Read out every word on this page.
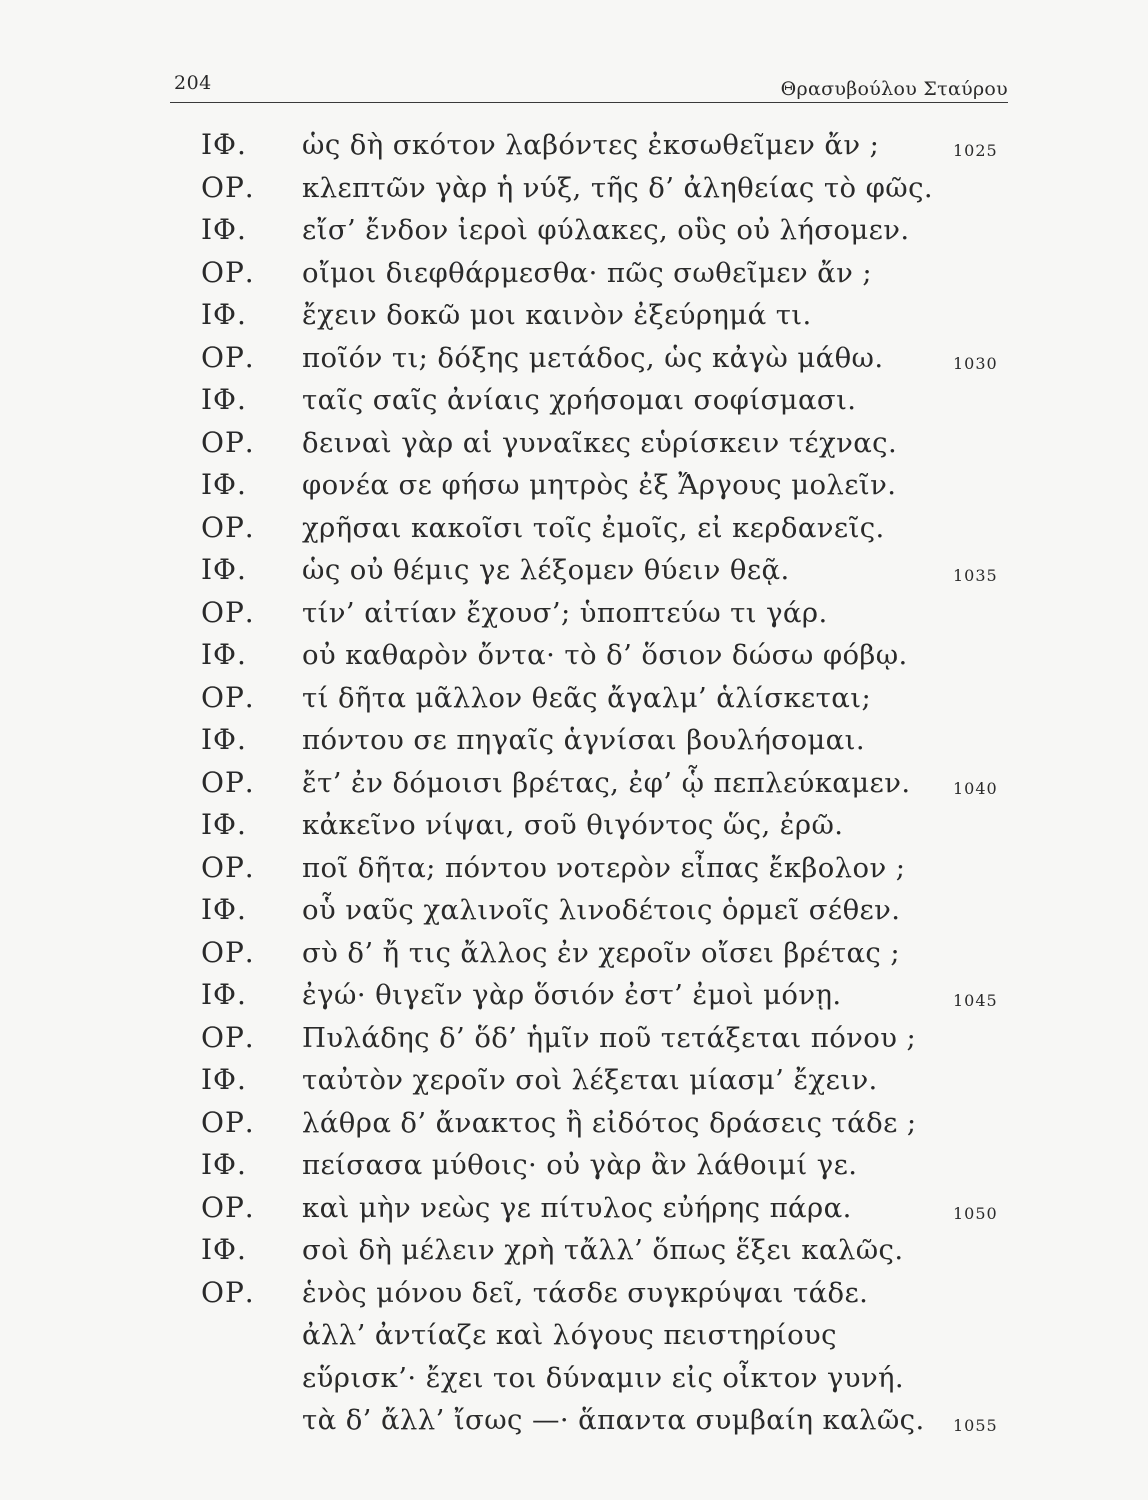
204	Θρασυβούλου Σταύρου
ΙΦ. ὡς δὴ σκότον λαβόντες ἐκσωθεῖμεν ἄν ;	1025
ΟΡ. κλεπτῶν γὰρ ἡ νύξ, τῆς δ’ ἀληθείας τὸ φῶς.
ΙΦ. εἴσ’ ἔνδον ἱεροὶ φύλακες, οὓς οὐ λήσομεν.
ΟΡ. οἴμοι διεφθάρμεσθα· πῶς σωθεῖμεν ἄν ;
ΙΦ. ἔχειν δοκῶ μοι καινὸν ἐξεύρημά τι.
ΟΡ. ποῖόν τι; δόξης μετάδος, ὡς κἀγὼ μάθω.	1030
ΙΦ. ταῖς σαῖς ἀνίαις χρήσομαι σοφίσμασι.
ΟΡ. δειναὶ γὰρ αἱ γυναῖκες εὑρίσκειν τέχνας.
ΙΦ. φονέα σε φήσω μητρὸς ἐξ Ἄργους μολεῖν.
ΟΡ. χρῆσαι κακοῖσι τοῖς ἐμοῖς, εἰ κερδανεῖς.
ΙΦ. ὡς οὐ θέμις γε λέξομεν θύειν θεᾷ.	1035
ΟΡ. τίν’ αἰτίαν ἔχουσ’; ὑποπτεύω τι γάρ.
ΙΦ. οὐ καθαρὸν ὄντα· τὸ δ’ ὅσιον δώσω φόβῳ.
ΟΡ. τί δῆτα μᾶλλον θεᾶς ἄγαλμ’ ἁλίσκεται;
ΙΦ. πόντου σε πηγαῖς ἁγνίσαι βουλήσομαι.
ΟΡ. ἔτ’ ἐν δόμοισι βρέτας, ἐφ’ ᾧ πεπλεύκαμεν.	1040
ΙΦ. κἀκεῖνο νίψαι, σοῦ θιγόντος ὥς, ἐρῶ.
ΟΡ. ποῖ δῆτα; πόντου νοτερὸν εἶπας ἔκβολον ;
ΙΦ. οὗ ναῦς χαλινοῖς λινοδέτοις ὁρμεῖ σέθεν.
ΟΡ. σὺ δ’ ἤ τις ἄλλος ἐν χεροῖν οἴσει βρέτας ;
ΙΦ. ἐγώ· θιγεῖν γὰρ ὅσιόν ἐστ’ ἐμοὶ μόνῃ.	1045
ΟΡ. Πυλάδης δ’ ὅδ’ ἡμῖν ποῦ τετάξεται πόνου ;
ΙΦ. ταὐτὸν χεροῖν σοὶ λέξεται μίασμ’ ἔχειν.
ΟΡ. λάθρα δ’ ἄνακτος ἢ εἰδότος δράσεις τάδε ;
ΙΦ. πείσασα μύθοις· οὐ γὰρ ἂν λάθοιμί γε.
ΟΡ. καὶ μὴν νεὼς γε πίτυλος εὐήρης πάρα.	1050
ΙΦ. σοὶ δὴ μέλειν χρὴ τἄλλ’ ὅπως ἕξει καλῶς.
ΟΡ. ἑνὸς μόνου δεῖ, τάσδε συγκρύψαι τάδε.
ἀλλ’ ἀντίαζε καὶ λόγους πειστηρίους
εὕρισκ’· ἔχει τοι δύναμιν εἰς οἶκτον γυνή.
τὰ δ’ ἄλλ’ ἴσως —· ἅπαντα συμβαίη καλῶς. 1055
